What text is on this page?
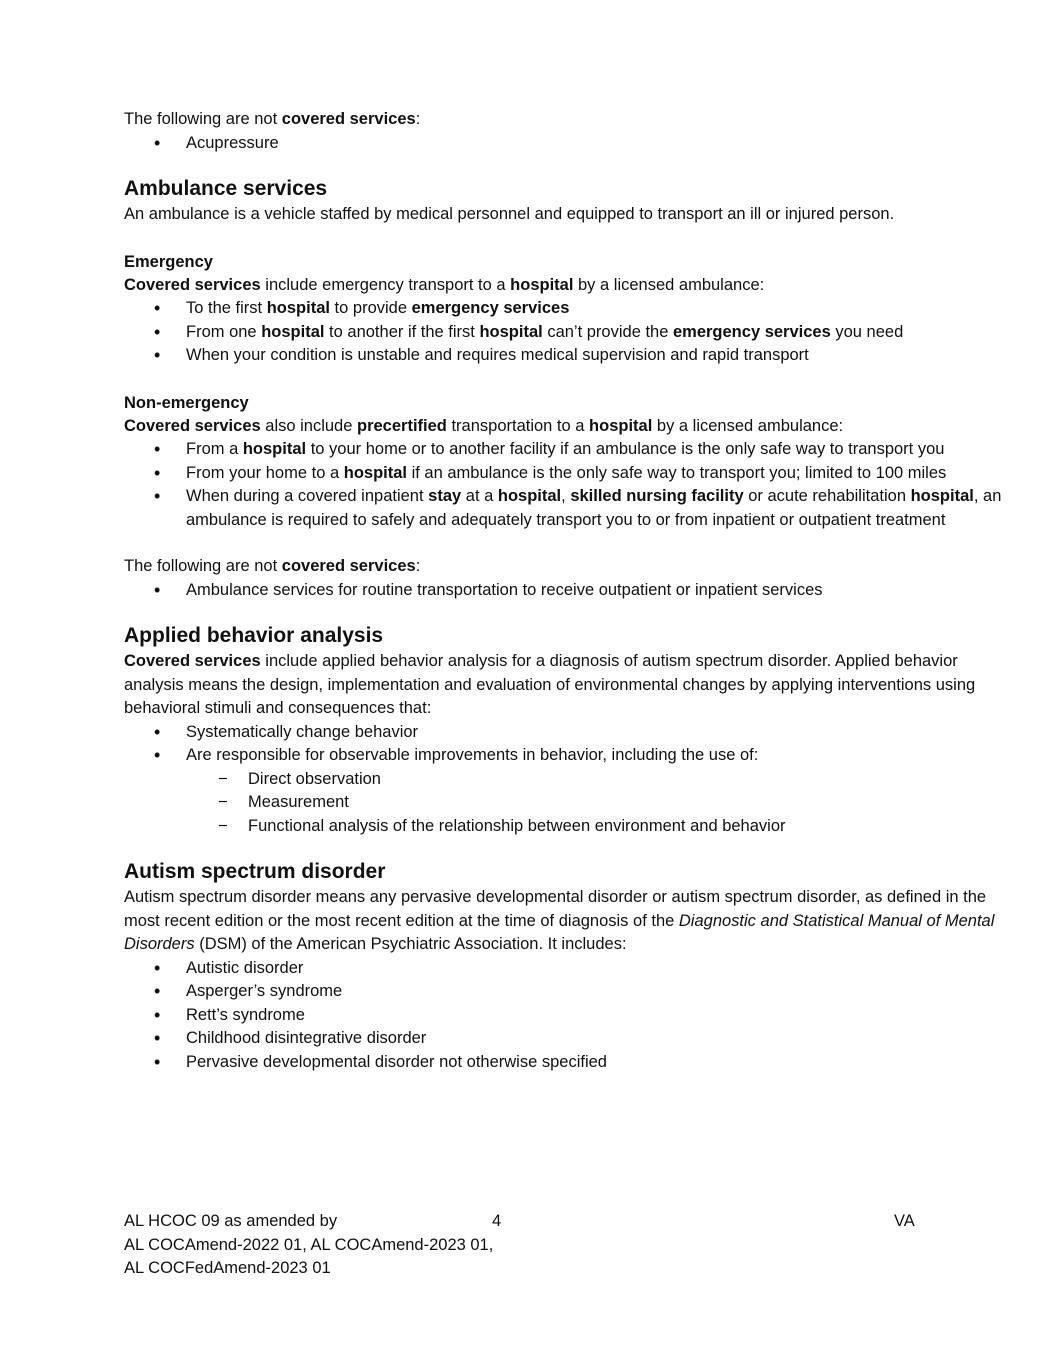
The following are not covered services:

• Acupressure
Ambulance services

An ambulance is a vehicle staffed by medical personnel and equipped to transport an ill or injured person.

Emergency

Covered services include emergency transport to a hospital by a licensed ambulance:

• To the first hospital to provide emergency services
• From one hospital to another if the first hospital can’t provide the emergency services you need
• When your condition is unstable and requires medical supervision and rapid transport
Non-emergency

Covered services also include precertified transportation to a hospital by a licensed ambulance:

• From a hospital to your home or to another facility if an ambulance is the only safe way to transport you
• From your home to a hospital if an ambulance is the only safe way to transport you; limited to 100 miles
• When during a covered inpatient stay at a hospital, skilled nursing facility or acute rehabilitation hospital, an ambulance is required to safely and adequately transport you to or from inpatient or outpatient treatment

The following are not covered services:

• Ambulance services for routine transportation to receive outpatient or inpatient services
Applied behavior analysis

Covered services include applied behavior analysis for a diagnosis of autism spectrum disorder. Applied behavior analysis means the design, implementation and evaluation of environmental changes by applying interventions using behavioral stimuli and consequences that:

• Systematically change behavior
• Are responsible for observable improvements in behavior, including the use of:
− Direct observation
− Measurement
− Functional analysis of the relationship between environment and behavior
Autism spectrum disorder

Autism spectrum disorder means any pervasive developmental disorder or autism spectrum disorder, as defined in the most recent edition or the most recent edition at the time of diagnosis of the Diagnostic and Statistical Manual of Mental Disorders (DSM) of the American Psychiatric Association. It includes:

• Autistic disorder
• Asperger’s syndrome
• Rett’s syndrome
• Childhood disintegrative disorder
• Pervasive developmental disorder not otherwise specified
AL HCOC 09 as amended by	4	VA
AL COCAmend-2022 01, AL COCAmend-2023 01,
AL COCFedAmend-2023 01
